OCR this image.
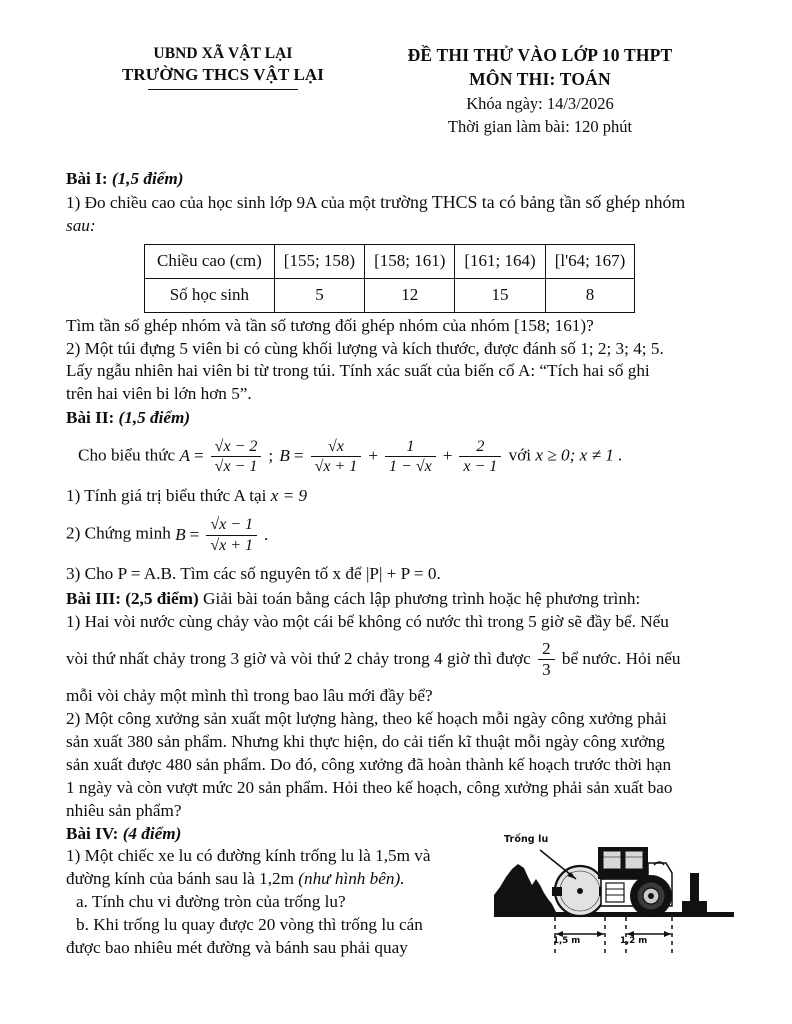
UBND XÃ VẬT LẠI
TRƯỜNG THCS VẬT LẠI
ĐỀ THI THỬ VÀO LỚP 10 THPT
MÔN THI: TOÁN
Khóa ngày: 14/3/2026
Thời gian làm bài: 120 phút

Bài I: (1,5 điểm)

1) Đo chiều cao của học sinh lớp 9A của một trường THCS ta có bảng tần số ghép nhóm

sau:

Chiều cao (cm)	[155; 158)	[158; 161)	[161; 164)	[l'64; 167)
Số học sinh	5	12	15	8

Tìm tần số ghép nhóm và tần số tương đối ghép nhóm của nhóm [158; 161)?

2) Một túi đựng 5 viên bi có cùng khối lượng và kích thước, được đánh số 1; 2; 3; 4; 5.

Lấy ngẫu nhiên hai viên bi từ trong túi. Tính xác suất của biến cố A: “Tích hai số ghi

trên hai viên bi lớn hơn 5”.

Bài II: (1,5 điểm)

Cho biểu thức $A = \frac{√x - 2}{√x - 1}$ ;
$B = \frac{√x}{√x + 1} + \frac{1}{1 - √x} + \frac{2}{x - 1}$ với x ≥ 0; x ≠ 1 .

1) Tính giá trị biểu thức A tại x = 9

2) Chứng minh $B = \frac{√x - 1}{√x + 1}$ .

3) Cho P = A.B. Tìm các số nguyên tố x để |P| + P = 0.

Bài III: (2,5 điểm) Giải bài toán bằng cách lập phương trình hoặc hệ phương trình:

1) Hai vòi nước cùng chảy vào một cái bể không có nước thì trong 5 giờ sẽ đầy bể. Nếu

vòi thứ nhất chảy trong 3 giờ và vòi thứ 2 chảy trong 4 giờ thì được $\frac{2}{3}$ bể nước. Hỏi nếu

mỗi vòi chảy một mình thì trong bao lâu mới đầy bể?

2) Một công xưởng sản xuất một lượng hàng, theo kế hoạch mỗi ngày công xưởng phải

sản xuất 380 sản phẩm. Nhưng khi thực hiện, do cải tiến kĩ thuật mỗi ngày công xưởng

sản xuất được 480 sản phẩm. Do đó, công xưởng đã hoàn thành kế hoạch trước thời hạn

1 ngày và còn vượt mức 20 sản phẩm. Hỏi theo kế hoạch, công xưởng phải sản xuất bao

nhiêu sản phẩm?

Bài IV: (4 điểm)

1) Một chiếc xe lu có đường kính trống lu là 1,5m và

đường kính của bánh sau là 1,2m (như hình bên).

a. Tính chu vi đường tròn của trống lu?

b. Khi trống lu quay được 20 vòng thì trống lu cán

được bao nhiêu mét đường và bánh sau phải quay

Trống lu
1,5 m	1,2 m
